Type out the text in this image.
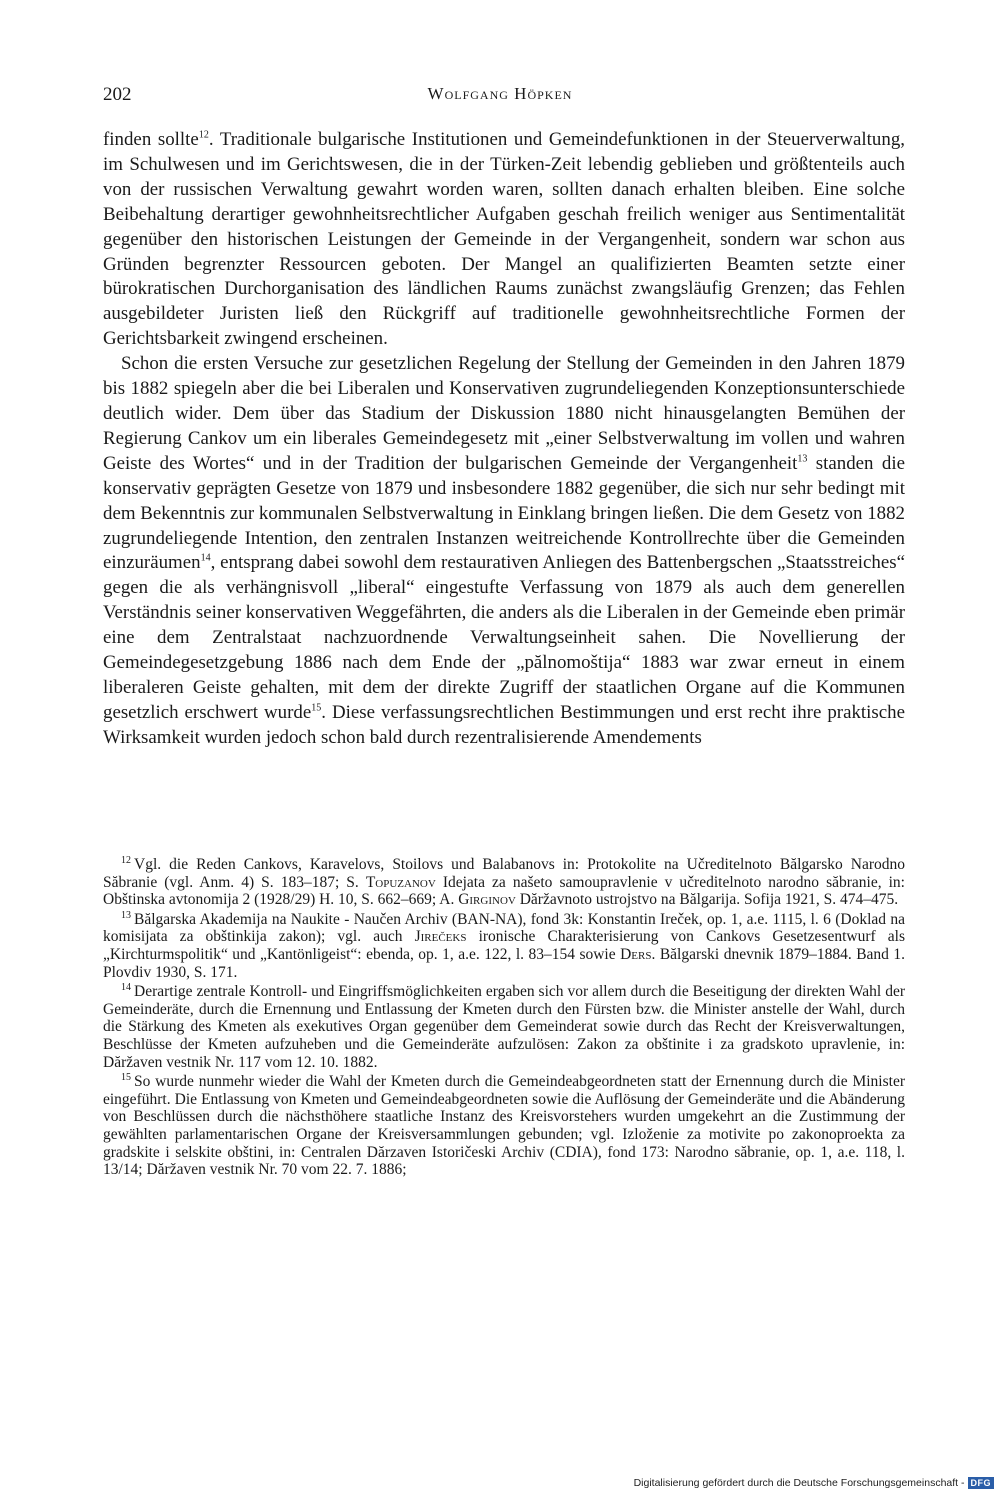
202	Wolfgang Höpken

finden sollte$^{12}$. Traditionale bulgarische Institutionen und Gemeindefunktionen in der Steuerverwaltung, im Schulwesen und im Gerichtswesen, die in der Türken-Zeit lebendig geblieben und größtenteils auch von der russischen Verwaltung gewahrt worden waren, sollten danach erhalten bleiben. Eine solche Beibehaltung derartiger gewohnheitsrechtlicher Aufgaben geschah freilich weniger aus Sentimentalität gegenüber den historischen Leistungen der Gemeinde in der Vergangenheit, sondern war schon aus Gründen begrenzter Ressourcen geboten. Der Mangel an qualifizierten Beamten setzte einer bürokratischen Durchorganisation des ländlichen Raums zunächst zwangsläufig Grenzen; das Fehlen ausgebildeter Juristen ließ den Rückgriff auf traditionelle gewohnheitsrechtliche Formen der Gerichtsbarkeit zwingend erscheinen.

Schon die ersten Versuche zur gesetzlichen Regelung der Stellung der Gemeinden in den Jahren 1879 bis 1882 spiegeln aber die bei Liberalen und Konservativen zugrundeliegenden Konzeptionsunterschiede deutlich wider. Dem über das Stadium der Diskussion 1880 nicht hinausgelangten Bemühen der Regierung Cankov um ein liberales Gemeindegesetz mit „einer Selbstverwaltung im vollen und wahren Geiste des Wortes“ und in der Tradition der bulgarischen Gemeinde der Vergangenheit$^{13}$ standen die konservativ geprägten Gesetze von 1879 und insbesondere 1882 gegenüber, die sich nur sehr bedingt mit dem Bekenntnis zur kommunalen Selbstverwaltung in Einklang bringen ließen. Die dem Gesetz von 1882 zugrundeliegende Intention, den zentralen Instanzen weitreichende Kontrollrechte über die Gemeinden einzuräumen$^{14}$, entsprang dabei sowohl dem restaurativen Anliegen des Battenbergschen „Staatsstreiches“ gegen die als verhängnisvoll „liberal“ eingestufte Verfassung von 1879 als auch dem generellen Verständnis seiner konservativen Weggefährten, die anders als die Liberalen in der Gemeinde eben primär eine dem Zentralstaat nachzuordnende Verwaltungseinheit sahen. Die Novellierung der Gemeindegesetzgebung 1886 nach dem Ende der „pălnomoštija“ 1883 war zwar erneut in einem liberaleren Geiste gehalten, mit dem der direkte Zugriff der staatlichen Organe auf die Kommunen gesetzlich erschwert wurde$^{15}$. Diese verfassungsrechtlichen Bestimmungen und erst recht ihre praktische Wirksamkeit wurden jedoch schon bald durch rezentralisierende Amendements

$^{12}$ Vgl. die Reden Cankovs, Karavelovs, Stoilovs und Balabanovs in: Protokolite na Učreditelnoto Bălgarsko Narodno Săbranie (vgl. Anm. 4) S. 183–187; S. Topuzanov Idejata za našeto samoupravlenie v učreditelnoto narodno săbranie, in: Obštinska avtonomija 2 (1928/29) H. 10, S. 662–669; A. Girginov Dăržavnoto ustrojstvo na Bălgarija. Sofija 1921, S. 474–475.

$^{13}$ Bălgarska Akademija na Naukite - Naučen Archiv (BAN-NA), fond 3k: Konstantin Ireček, op. 1, a.e. 1115, l. 6 (Doklad na komisijata za obštinkija zakon); vgl. auch Jirečeks ironische Charakterisierung von Cankovs Gesetzesentwurf als „Kirchturmspolitik“ und „Kantönligeist“: ebenda, op. 1, a.e. 122, l. 83–154 sowie Ders. Bălgarski dnevnik 1879–1884. Band 1. Plovdiv 1930, S. 171.

$^{14}$ Derartige zentrale Kontroll- und Eingriffsmöglichkeiten ergaben sich vor allem durch die Beseitigung der direkten Wahl der Gemeinderäte, durch die Ernennung und Entlassung der Kmeten durch den Fürsten bzw. die Minister anstelle der Wahl, durch die Stärkung des Kmeten als exekutives Organ gegenüber dem Gemeinderat sowie durch das Recht der Kreisverwaltungen, Beschlüsse der Kmeten aufzuheben und die Gemeinderäte aufzulösen: Zakon za obštinite i za gradskoto upravlenie, in: Dăržaven vestnik Nr. 117 vom 12. 10. 1882.

$^{15}$ So wurde nunmehr wieder die Wahl der Kmeten durch die Gemeindeabgeordneten statt der Ernennung durch die Minister eingeführt. Die Entlassung von Kmeten und Gemeindeabgeordneten sowie die Auflösung der Gemeinderäte und die Abänderung von Beschlüssen durch die nächsthöhere staatliche Instanz des Kreisvorstehers wurden umgekehrt an die Zustimmung der gewählten parlamentarischen Organe der Kreisversammlungen gebunden; vgl. Izloženie za motivite po zakonoproekta za gradskite i selskite obštini, in: Centralen Dărzaven Istoričeski Archiv (CDIA), fond 173: Narodno săbranie, op. 1, a.e. 118, l. 13/14; Dăržaven vestnik Nr. 70 vom 22. 7. 1886;

Digitalisierung gefördert durch die Deutsche Forschungsgemeinschaft - DFG
